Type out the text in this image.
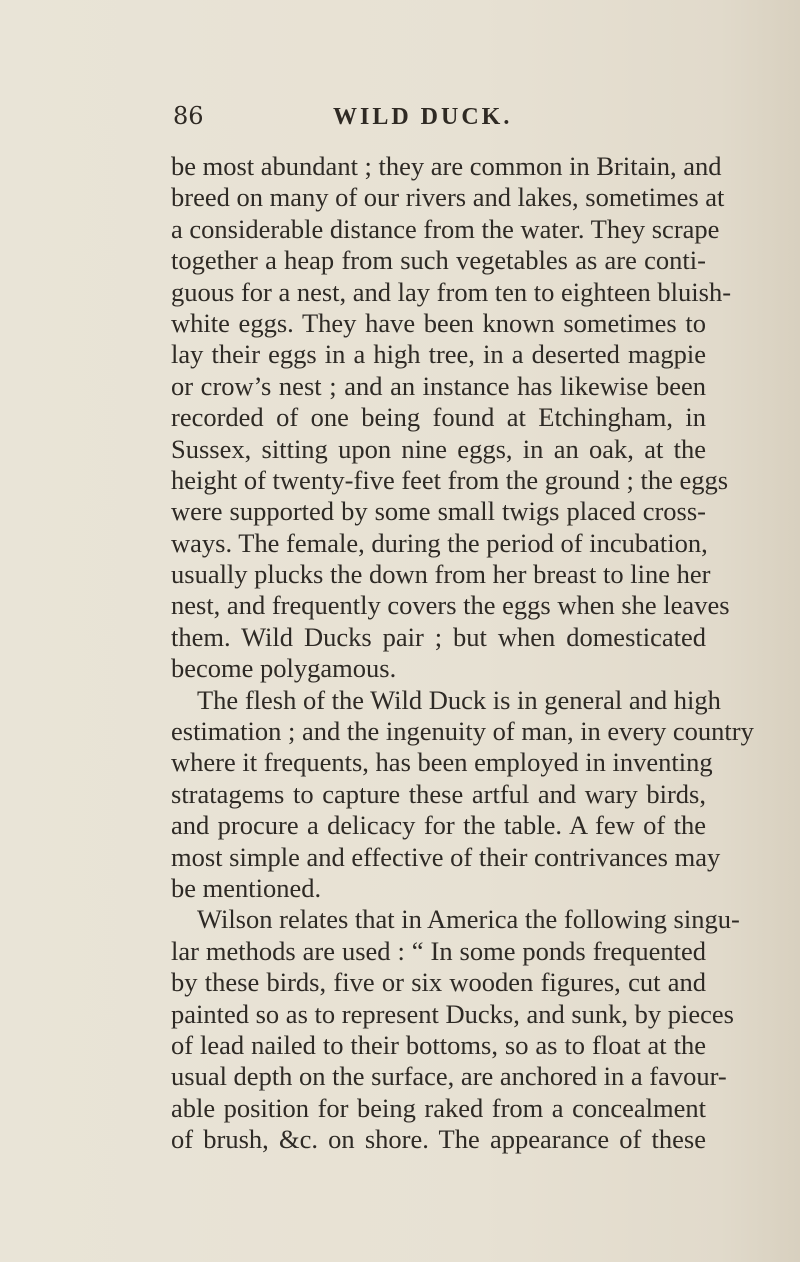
86	WILD DUCK.
be most abundant ; they are common in Britain, and
breed on many of our rivers and lakes, sometimes at
a considerable distance from the water. They scrape
together a heap from such vegetables as are conti-
guous for a nest, and lay from ten to eighteen bluish-
white eggs. They have been known sometimes to
lay their eggs in a high tree, in a deserted magpie
or crow’s nest ; and an instance has likewise been
recorded of one being found at Etchingham, in
Sussex, sitting upon nine eggs, in an oak, at the
height of twenty-five feet from the ground ; the eggs
were supported by some small twigs placed cross-
ways. The female, during the period of incubation,
usually plucks the down from her breast to line her
nest, and frequently covers the eggs when she leaves
them. Wild Ducks pair ; but when domesticated
become polygamous.
The flesh of the Wild Duck is in general and high
estimation ; and the ingenuity of man, in every country
where it frequents, has been employed in inventing
stratagems to capture these artful and wary birds,
and procure a delicacy for the table. A few of the
most simple and effective of their contrivances may
be mentioned.
Wilson relates that in America the following singu-
lar methods are used : “ In some ponds frequented
by these birds, five or six wooden figures, cut and
painted so as to represent Ducks, and sunk, by pieces
of lead nailed to their bottoms, so as to float at the
usual depth on the surface, are anchored in a favour-
able position for being raked from a concealment
of brush, &c. on shore. The appearance of these
